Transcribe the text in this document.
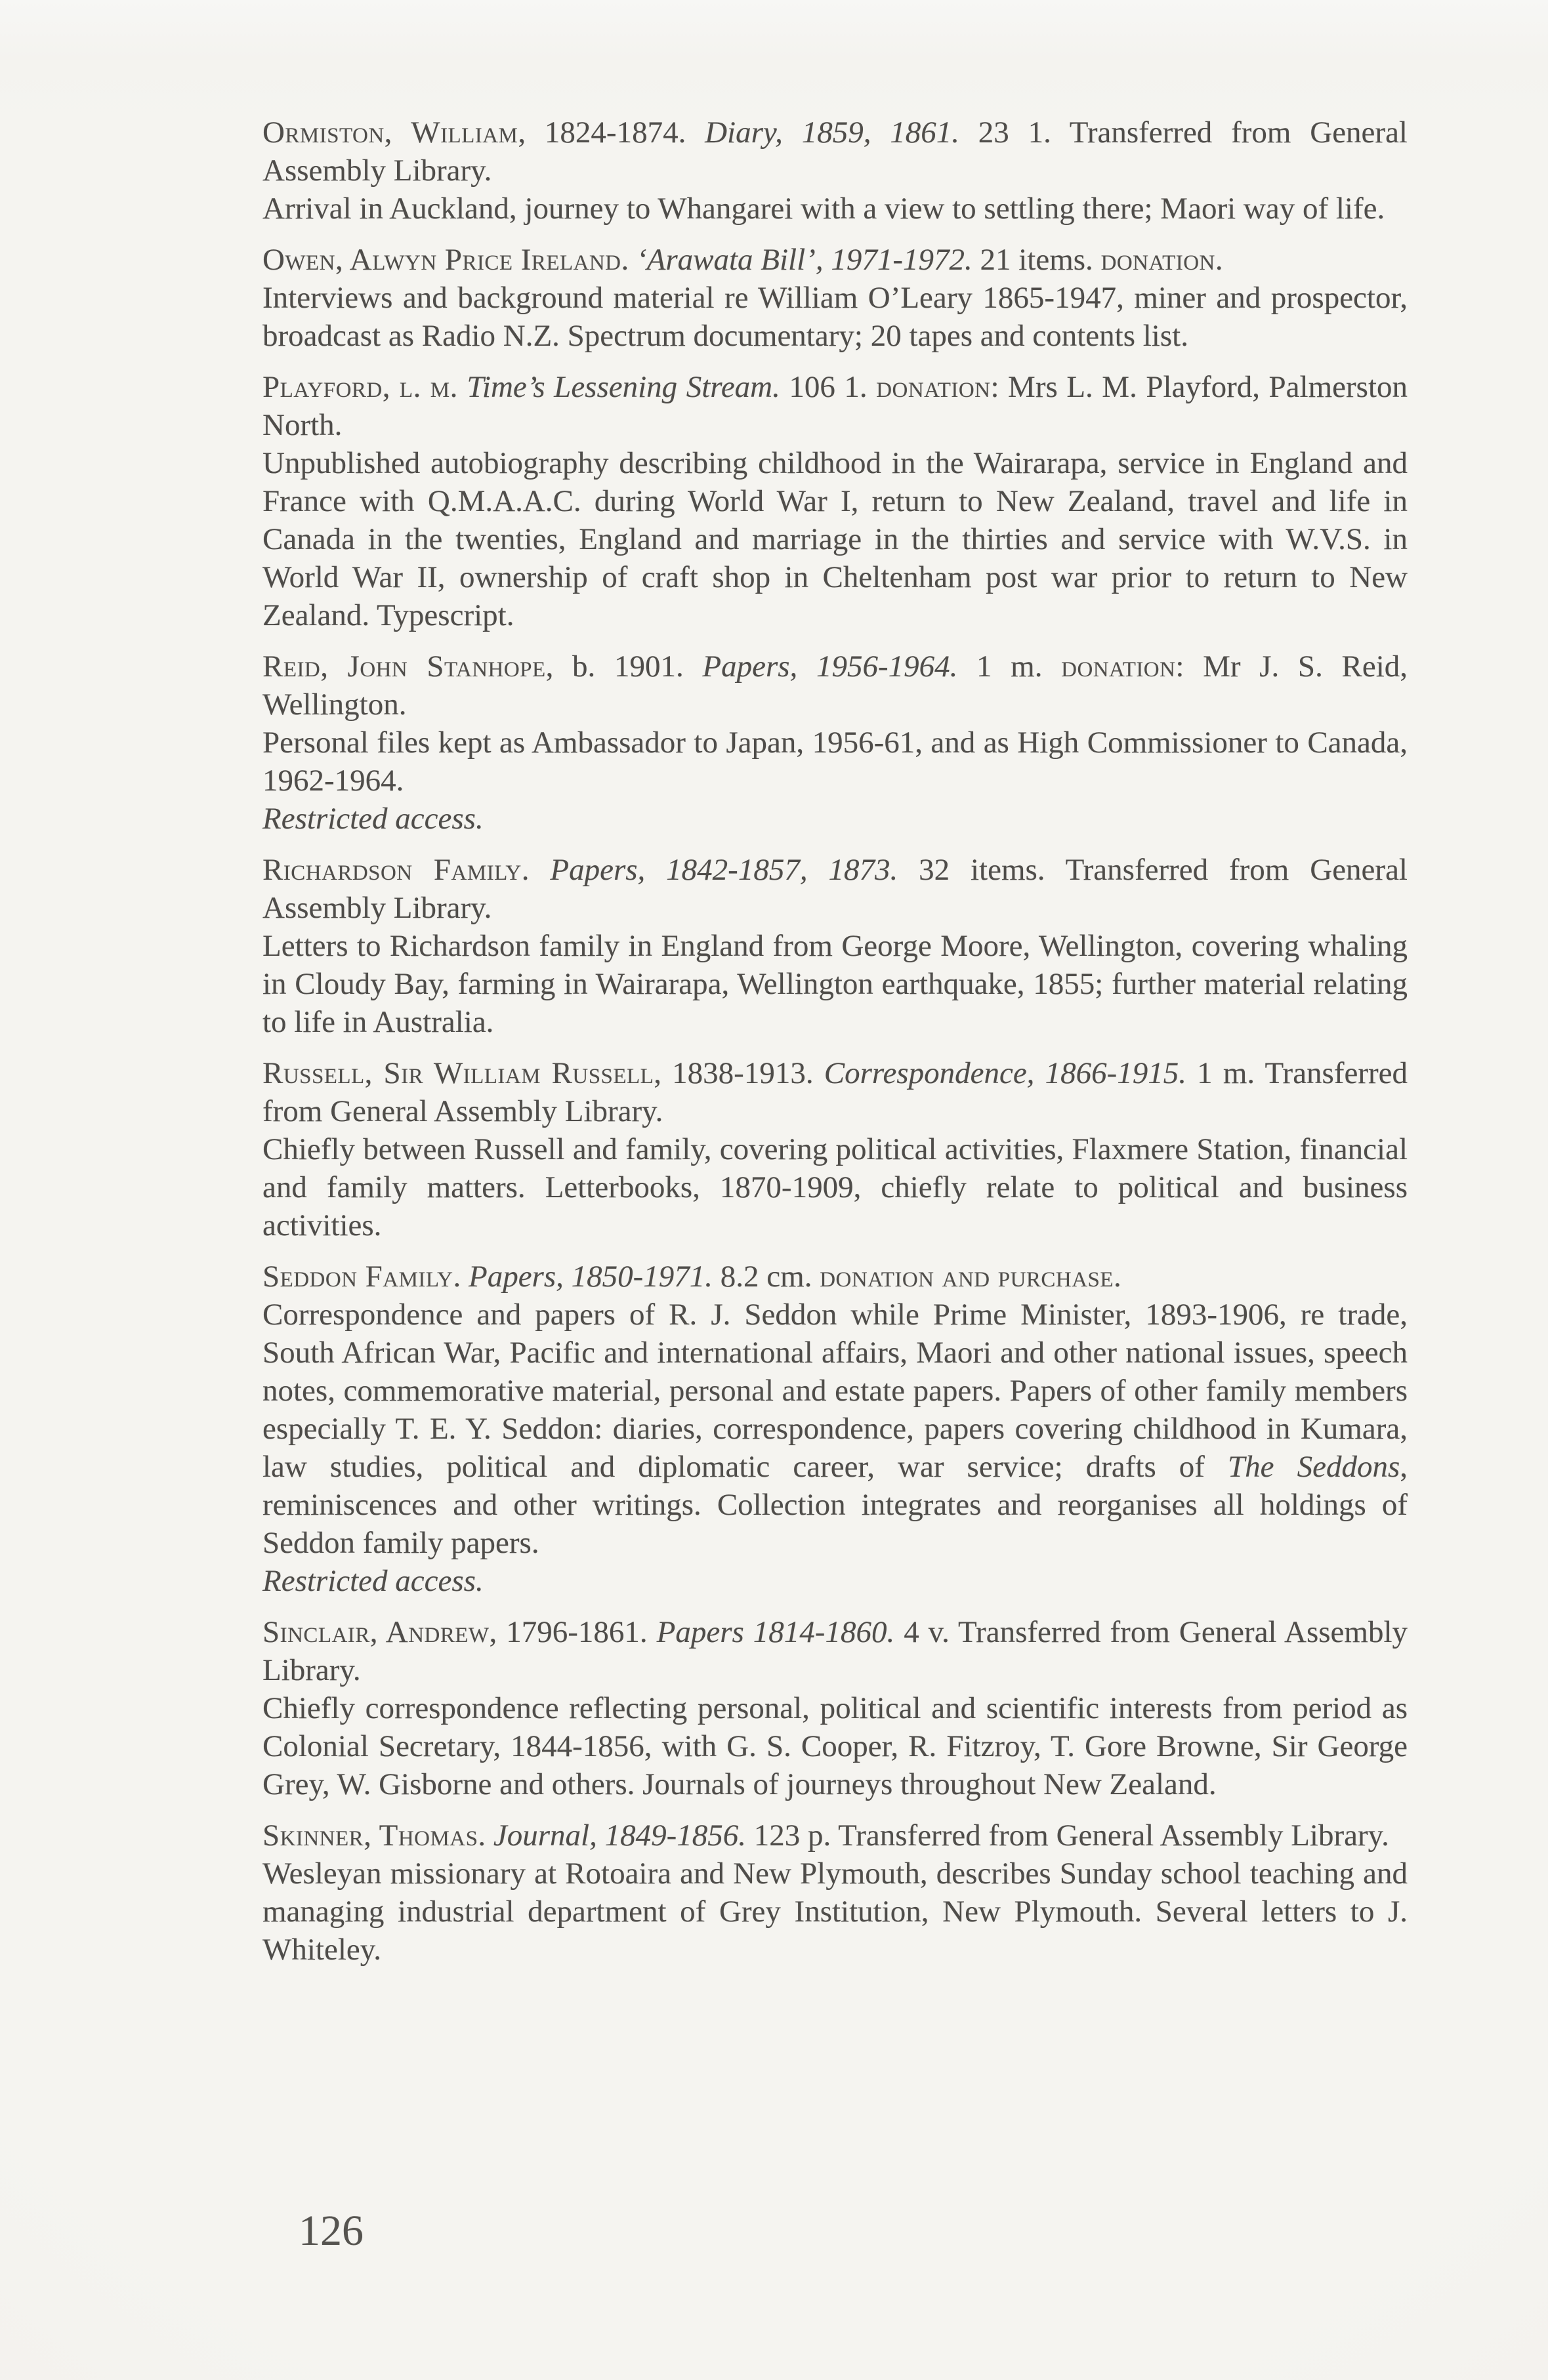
Ormiston, William, 1824-1874. Diary, 1859, 1861. 23 1. Transferred from General Assembly Library.

Arrival in Auckland, journey to Whangarei with a view to settling there; Maori way of life.

Owen, Alwyn Price Ireland. ‘Arawata Bill’, 1971-1972. 21 items. donation.

Interviews and background material re William O’Leary 1865-1947, miner and prospector, broadcast as Radio N.Z. Spectrum documentary; 20 tapes and contents list.

Playford, l. m. Time’s Lessening Stream. 106 1. donation: Mrs L. M. Playford, Palmerston North.

Unpublished autobiography describing childhood in the Wairarapa, service in England and France with Q.M.A.A.C. during World War I, return to New Zealand, travel and life in Canada in the twenties, England and marriage in the thirties and service with W.V.S. in World War II, ownership of craft shop in Cheltenham post war prior to return to New Zealand. Typescript.

Reid, John Stanhope, b. 1901. Papers, 1956-1964. 1 m. donation: Mr J. S. Reid, Wellington.

Personal files kept as Ambassador to Japan, 1956-61, and as High Commissioner to Canada, 1962-1964.

Restricted access.

Richardson Family. Papers, 1842-1857, 1873. 32 items. Transferred from General Assembly Library.

Letters to Richardson family in England from George Moore, Wellington, covering whaling in Cloudy Bay, farming in Wairarapa, Wellington earthquake, 1855; further material relating to life in Australia.

Russell, Sir William Russell, 1838-1913. Correspondence, 1866-1915. 1 m. Transferred from General Assembly Library.

Chiefly between Russell and family, covering political activities, Flaxmere Station, financial and family matters. Letterbooks, 1870-1909, chiefly relate to political and business activities.

Seddon Family. Papers, 1850-1971. 8.2 cm. donation and purchase.

Correspondence and papers of R. J. Seddon while Prime Minister, 1893-1906, re trade, South African War, Pacific and international affairs, Maori and other national issues, speech notes, commemorative material, personal and estate papers. Papers of other family members especially T. E. Y. Seddon: diaries, correspondence, papers covering childhood in Kumara, law studies, political and diplomatic career, war service; drafts of The Seddons, reminiscences and other writings. Collection integrates and reorganises all holdings of Seddon family papers.

Restricted access.

Sinclair, Andrew, 1796-1861. Papers 1814-1860. 4 v. Transferred from General Assembly Library.

Chiefly correspondence reflecting personal, political and scientific interests from period as Colonial Secretary, 1844-1856, with G. S. Cooper, R. Fitzroy, T. Gore Browne, Sir George Grey, W. Gisborne and others. Journals of journeys throughout New Zealand.

Skinner, Thomas. Journal, 1849-1856. 123 p. Transferred from General Assembly Library.

Wesleyan missionary at Rotoaira and New Plymouth, describes Sunday school teaching and managing industrial department of Grey Institution, New Plymouth. Several letters to J. Whiteley.

126
